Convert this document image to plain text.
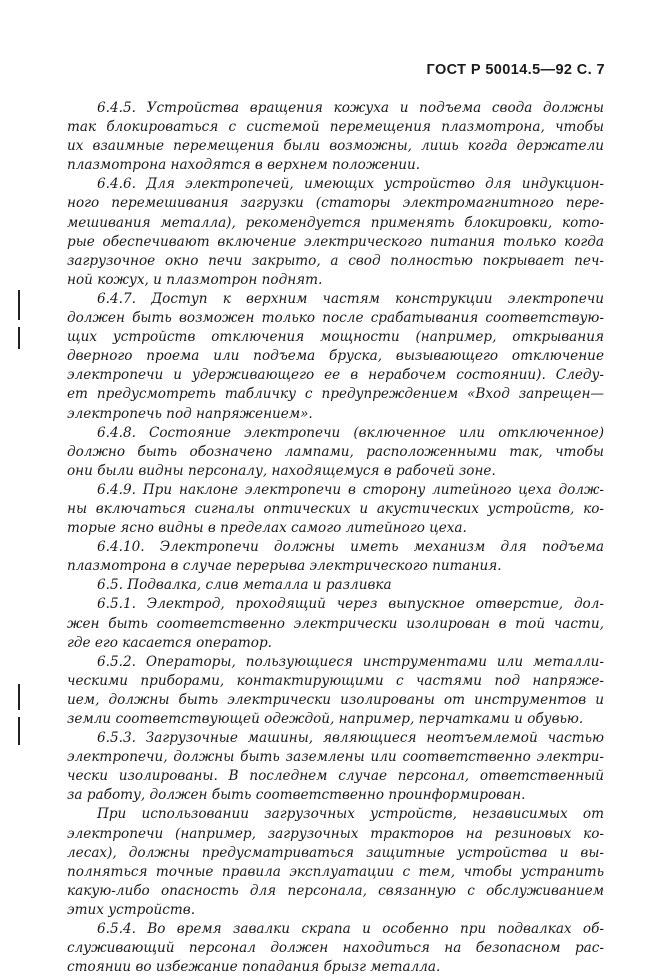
ГОСТ Р 50014.5—92 С. 7
6.4.5. Устройства вращения кожуха и подъема свода должны
так блокироваться с системой перемещения плазмотрона, чтобы
их взаимные перемещения были возможны, лишь когда держатели
плазмотрона находятся в верхнем положении.
6.4.6. Для электропечей, имеющих устройство для индукцион-
ного перемешивания загрузки (статоры электромагнитного пере-
мешивания металла), рекомендуется применять блокировки, кото-
рые обеспечивают включение электрического питания только когда
загрузочное окно печи закрыто, а свод полностью покрывает печ-
ной кожух, и плазмотрон поднят.
6.4.7. Доступ к верхним частям конструкции электропечи
должен быть возможен только после срабатывания соответствую-
щих устройств отключения мощности (например, открывания
дверного проема или подъема бруска, вызывающего отключение
электропечи и удерживающего ее в нерабочем состоянии). Следу-
ет предусмотреть табличку с предупреждением «Вход запрещен—
электропечь под напряжением».
6.4.8. Состояние электропечи (включенное или отключенное)
должно быть обозначено лампами, расположенными так, чтобы
они были видны персоналу, находящемуся в рабочей зоне.
6.4.9. При наклоне электропечи в сторону литейного цеха долж-
ны включаться сигналы оптических и акустических устройств, ко-
торые ясно видны в пределах самого литейного цеха.
6.4.10. Электропечи должны иметь механизм для подъема
плазмотрона в случае перерыва электрического питания.
6.5. Подвалка, слив металла и разливка
6.5.1. Электрод, проходящий через выпускное отверстие, дол-
жен быть соответственно электрически изолирован в той части,
где его касается оператор.
6.5.2. Операторы, пользующиеся инструментами или металли-
ческими приборами, контактирующими с частями под напряже-
ием, должны быть электрически изолированы от инструментов и
земли соответствующей одеждой, например, перчатками и обувью.
6.5.3. Загрузочные машины, являющиеся неотъемлемой частью
электропечи, должны быть заземлены или соответственно электри-
чески изолированы. В последнем случае персонал, ответственный
за работу, должен быть соответственно проинформирован.
При использовании загрузочных устройств, независимых от
электропечи (например, загрузочных тракторов на резиновых ко-
лесах), должны предусматриваться защитные устройства и вы-
полняться точные правила эксплуатации с тем, чтобы устранить
какую-либо опасность для персонала, связанную с обслуживанием
этих устройств.
6.5.4. Во время завалки скрапа и особенно при подвалках об-
служивающий персонал должен находиться на безопасном рас-
стоянии во избежание попадания брызг металла.
